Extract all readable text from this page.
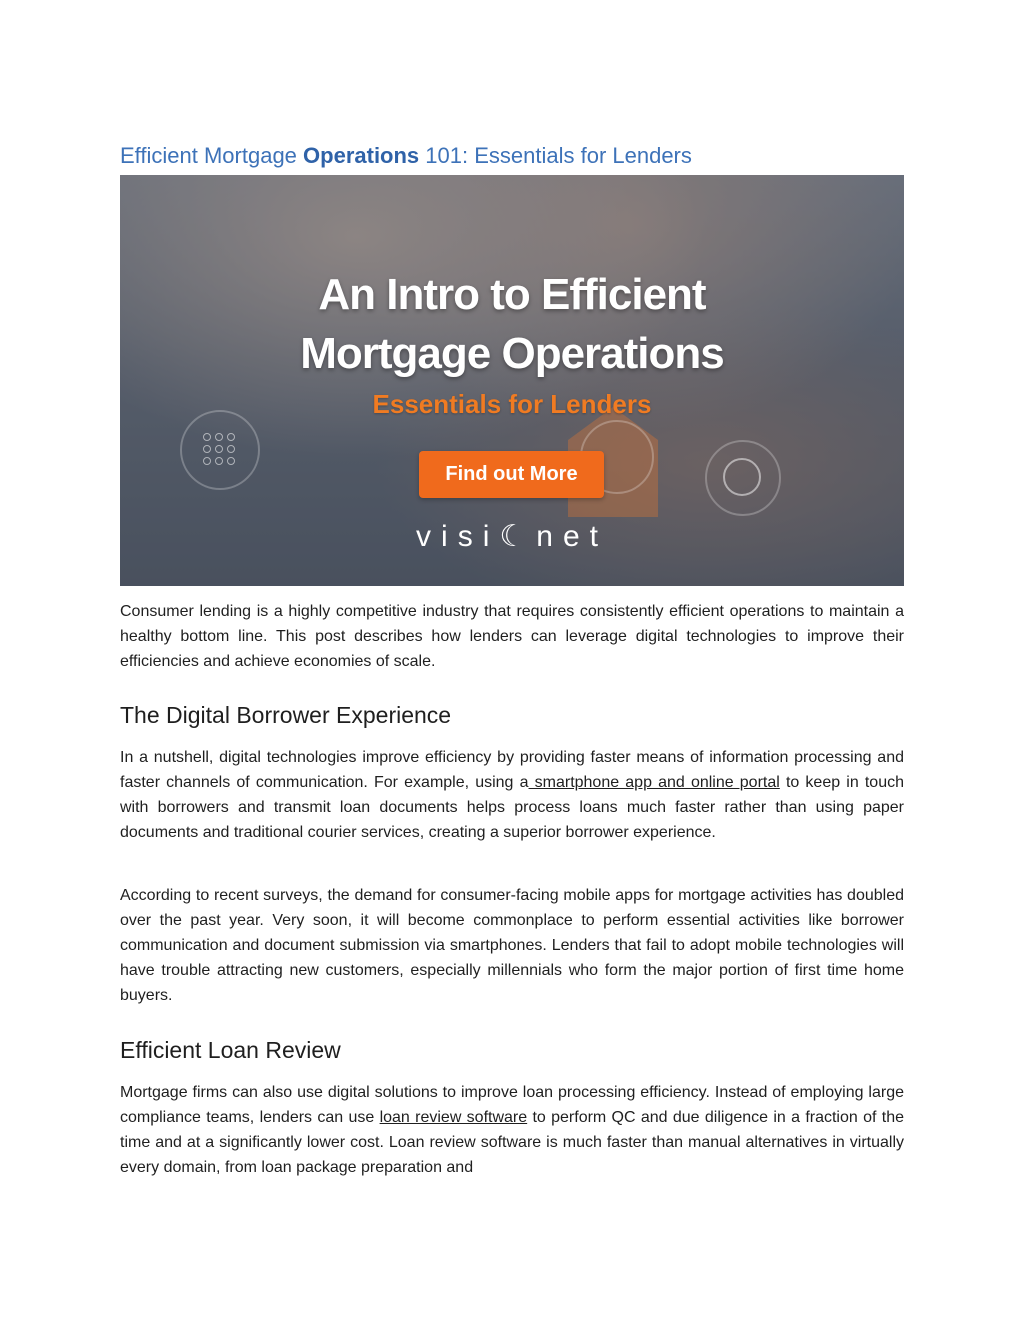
Efficient Mortgage Operations 101: Essentials for Lenders
An Intro to Efficient
Mortgage Operations
Essentials for Lenders
Find out More
visi☾net

Consumer lending is a highly competitive industry that requires consistently efficient operations to maintain a healthy bottom line. This post describes how lenders can leverage digital technologies to improve their efficiencies and achieve economies of scale.

The Digital Borrower Experience

In a nutshell, digital technologies improve efficiency by providing faster means of information processing and faster channels of communication. For example, using a smartphone app and online portal to keep in touch with borrowers and transmit loan documents helps process loans much faster rather than using paper documents and traditional courier services, creating a superior borrower experience.

According to recent surveys, the demand for consumer-facing mobile apps for mortgage activities has doubled over the past year. Very soon, it will become commonplace to perform essential activities like borrower communication and document submission via smartphones. Lenders that fail to adopt mobile technologies will have trouble attracting new customers, especially millennials who form the major portion of first time home buyers.

Efficient Loan Review

Mortgage firms can also use digital solutions to improve loan processing efficiency. Instead of employing large compliance teams, lenders can use loan review software to perform QC and due diligence in a fraction of the time and at a significantly lower cost. Loan review software is much faster than manual alternatives in virtually every domain, from loan package preparation and
